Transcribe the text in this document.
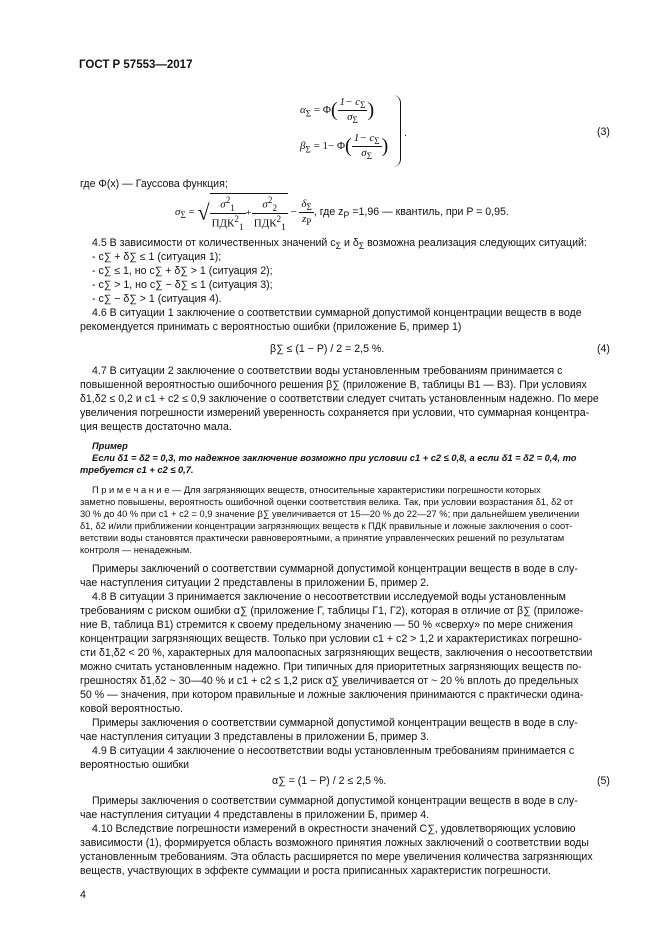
ГОСТ Р 57553—2017
$\alpha_\Sigma = \Phi( \frac{1- c_\Sigma}{\sigma_\Sigma}$ )
$\beta_\Sigma = 1- \Phi( \frac{1- c_\Sigma}{\sigma_\Sigma}$ )
.	(3)
где Φ(x) — Гауссова функция;
$\sigma_\Sigma$ = √ $\frac{\sigma^2_1}{ПДК^2_1} + \frac{\sigma^2_2}{ПДК^2_1} - \frac{\delta_\Sigma}{z_P}$ , где $z_P =1,96$ — квантиль, при P = 0,95.
4.5 В зависимости от количественных значений $c_\Sigma$ и $\delta_\Sigma$ возможна реализация следующих ситуаций:
- c∑ + δ∑ ≤ 1 (ситуация 1);
- c∑ ≤ 1, но c∑ + δ∑ > 1 (ситуация 2);
- c∑ > 1, но c∑ − δ∑ ≤ 1 (ситуация 3);
- c∑ − δ∑ > 1 (ситуация 4).
4.6 В ситуации 1 заключение о соответствии суммарной допустимой концентрации веществ в воде
рекомендуется принимать с вероятностью ошибки (приложение Б, пример 1)
β∑ ≤ (1 − P) / 2 = 2,5 %.	(4)
4.7 В ситуации 2 заключение о соответствии воды установленным требованиям принимается с
повышенной вероятностью ошибочного решения β∑ (приложение В, таблицы В1 — В3). При условиях
δ1,δ2 ≤ 0,2 и c1 + c2 ≤ 0,9 заключение о соответствии следует считать установленным надежно. По мере
увеличения погрешности измерений уверенность сохраняется при условии, что суммарная концентра-
ция веществ достаточно мала.
Пример
Если δ1 = δ2 = 0,3, то надежное заключение возможно при условии c1 + c2 ≤ 0,8, а если δ1 = δ2 = 0,4, то
требуется c1 + c2 ≤ 0,7.
П р и м е ч а н и е — Для загрязняющих веществ, относительные характеристики погрешности которых
заметно повышены, вероятность ошибочной оценки соответствия велика. Так, при условии возрастания δ1, δ2 от
30 % до 40 % при c1 + c2 = 0,9 значение β∑ увеличивается от 15—20 % до 22—27 %; при дальнейшем увеличении
δ1, δ2 и/или приближении концентрации загрязняющих веществ к ПДК правильные и ложные заключения о соот-
ветствии воды становятся практически равновероятными, а принятие управленческих решений по результатам
контроля — ненадежным.
Примеры заключений о соответствии суммарной допустимой концентрации веществ в воде в слу-
чае наступления ситуации 2 представлены в приложении Б, пример 2.
4.8 В ситуации 3 принимается заключение о несоответствии исследуемой воды установленным
требованиям с риском ошибки α∑ (приложение Г, таблицы Г1, Г2), которая в отличие от β∑ (приложе-
ние В, таблица В1) стремится к своему предельному значению — 50 % «сверху» по мере снижения
концентрации загрязняющих веществ. Только при условии c1 + c2 > 1,2 и характеристиках погрешно-
сти δ1,δ2 < 20 %, характерных для малоопасных загрязняющих веществ, заключения о несоответствии
можно считать установленным надежно. При типичных для приоритетных загрязняющих веществ по-
грешностях δ1,δ2 ~ 30—40 % и c1 + c2 ≤ 1,2 риск α∑ увеличивается от ~ 20 % вплоть до предельных
50 % — значения, при котором правильные и ложные заключения принимаются с практически одина-
ковой вероятностью.
Примеры заключения о соответствии суммарной допустимой концентрации веществ в воде в слу-
чае наступления ситуации 3 представлены в приложении Б, пример 3.
4.9 В ситуации 4 заключение о несоответствии воды установленным требованиям принимается с
вероятностью ошибки
α∑ = (1 − P) / 2 ≤ 2,5 %.	(5)
Примеры заключения о соответствии суммарной допустимой концентрации веществ в воде в слу-
чае наступления ситуации 4 представлены в приложении Б, пример 4.
4.10 Вследствие погрешности измерений в окрестности значений C∑, удовлетворяющих условию
зависимости (1), формируется область возможного принятия ложных заключений о соответствии воды
установленным требованиям. Эта область расширяется по мере увеличения количества загрязняющих
веществ, участвующих в эффекте суммации и роста приписанных характеристик погрешности.
4
